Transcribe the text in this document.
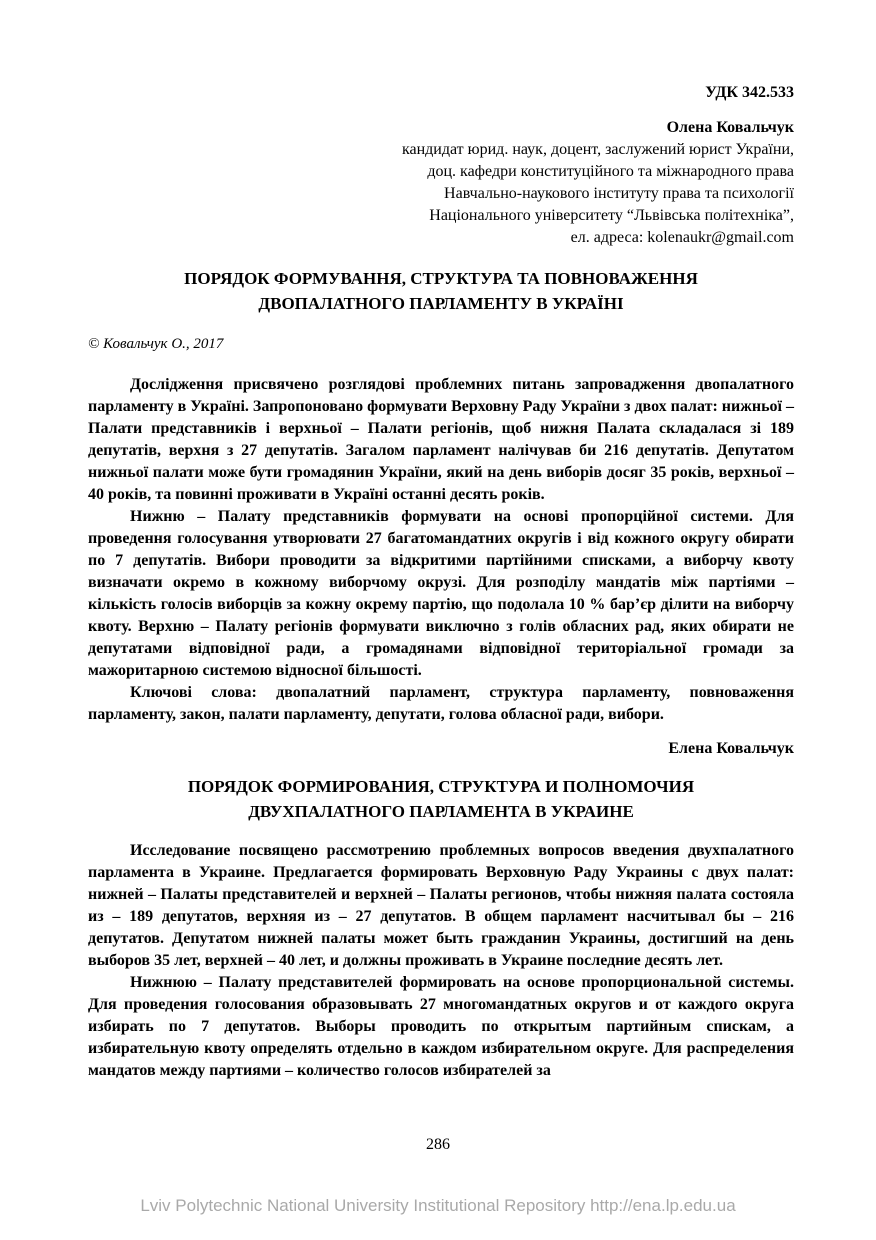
УДК 342.533
Олена Ковальчук
кандидат юрид. наук, доцент, заслужений юрист України,
доц. кафедри конституційного та міжнародного права
Навчально-наукового інституту права та психології
Національного університету “Львівська політехніка”,
ел. адреса: kolenaukr@gmail.com
ПОРЯДОК ФОРМУВАННЯ, СТРУКТУРА ТА ПОВНОВАЖЕННЯ
ДВОПАЛАТНОГО ПАРЛАМЕНТУ В УКРАЇНІ
© Ковальчук О., 2017

Дослідження присвячено розглядові проблемних питань запровадження двопалатного парламенту в Україні. Запропоновано формувати Верховну Раду України з двох палат: нижньої – Палати представників і верхньої – Палати регіонів, щоб нижня Палата складалася зі 189 депутатів, верхня з 27 депутатів. Загалом парламент налічував би 216 депутатів. Депутатом нижньої палати може бути громадянин України, який на день виборів досяг 35 років, верхньої – 40 років, та повинні проживати в Україні останні десять років.

Нижню – Палату представників формувати на основі пропорційної системи. Для проведення голосування утворювати 27 багатомандатних округів і від кожного округу обирати по 7 депутатів. Вибори проводити за відкритими партійними списками, а виборчу квоту визначати окремо в кожному виборчому окрузі. Для розподілу мандатів між партіями – кількість голосів виборців за кожну окрему партію, що подолала 10 % бар’єр ділити на виборчу квоту. Верхню – Палату регіонів формувати виключно з голів обласних рад, яких обирати не депутатами відповідної ради, а громадянами відповідної територіальної громади за мажоритарною системою відносної більшості.

Ключові слова: двопалатний парламент, структура парламенту, повноваження парламенту, закон, палати парламенту, депутати, голова обласної ради, вибори.

Елена Ковальчук
ПОРЯДОК ФОРМИРОВАНИЯ, СТРУКТУРА И ПОЛНОМОЧИЯ
ДВУХПАЛАТНОГО ПАРЛАМЕНТА В УКРАИНЕ

Исследование посвящено рассмотрению проблемных вопросов введения двухпалатного парламента в Украине. Предлагается формировать Верховную Раду Украины с двух палат: нижней – Палаты представителей и верхней – Палаты регионов, чтобы нижняя палата состояла из – 189 депутатов, верхняя из – 27 депутатов. В общем парламент насчитывал бы – 216 депутатов. Депутатом нижней палаты может быть гражданин Украины, достигший на день выборов 35 лет, верхней – 40 лет, и должны проживать в Украине последние десять лет.

Нижнюю – Палату представителей формировать на основе пропорциональной системы. Для проведения голосования образовывать 27 многомандатных округов и от каждого округа избирать по 7 депутатов. Выборы проводить по открытым партийным спискам, а избирательную квоту определять отдельно в каждом избирательном округе. Для распределения мандатов между партиями – количество голосов избирателей за

286
Lviv Polytechnic National University Institutional Repository http://ena.lp.edu.ua
